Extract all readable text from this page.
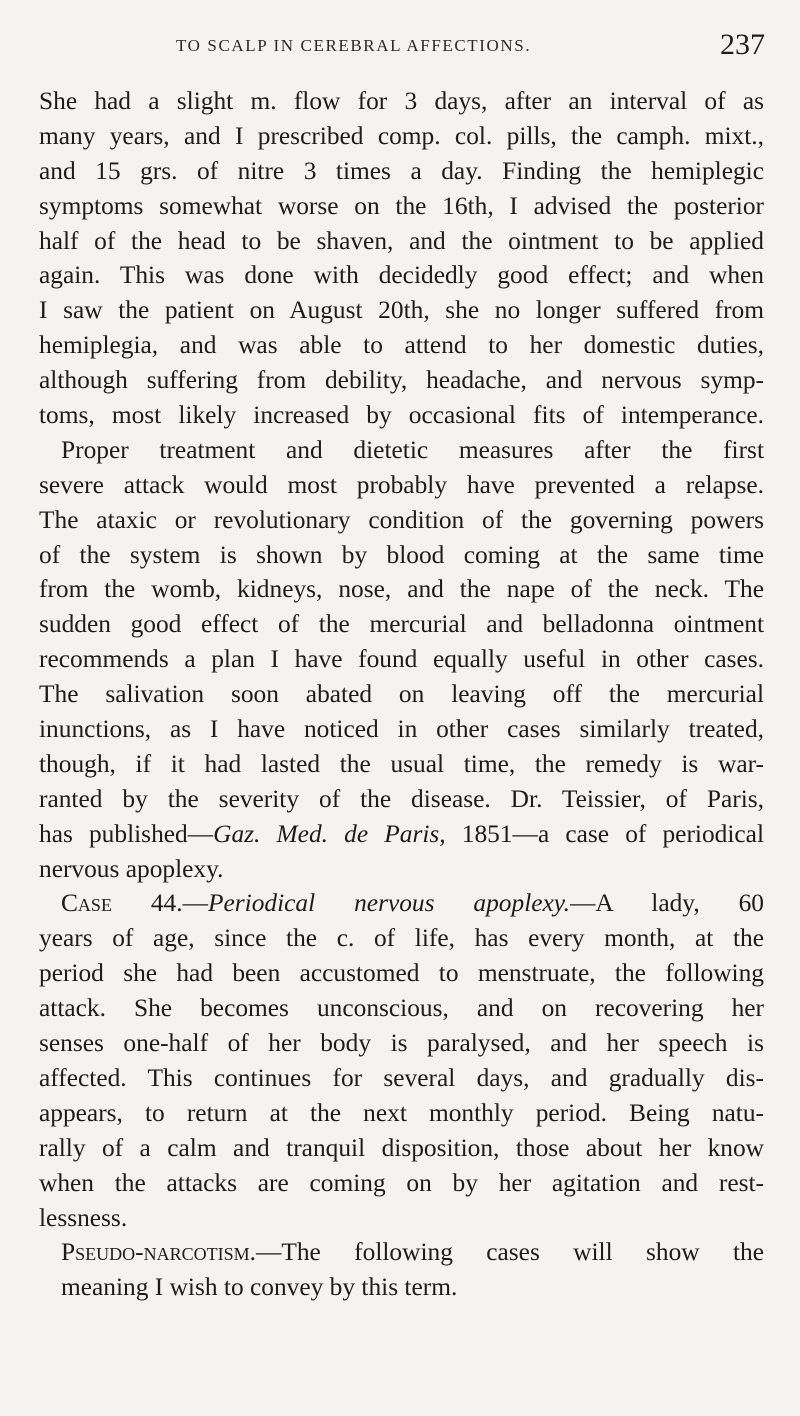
TO SCALP IN CEREBRAL AFFECTIONS.	237
She had a slight m. flow for 3 days, after an interval of as
many years, and I prescribed comp. col. pills, the camph. mixt.,
and 15 grs. of nitre 3 times a day. Finding the hemiplegic
symptoms somewhat worse on the 16th, I advised the posterior
half of the head to be shaven, and the ointment to be applied
again. This was done with decidedly good effect; and when
I saw the patient on August 20th, she no longer suffered from
hemiplegia, and was able to attend to her domestic duties,
although suffering from debility, headache, and nervous symp-
toms, most likely increased by occasional fits of intemperance.
Proper treatment and dietetic measures after the first
severe attack would most probably have prevented a relapse.
The ataxic or revolutionary condition of the governing powers
of the system is shown by blood coming at the same time
from the womb, kidneys, nose, and the nape of the neck. The
sudden good effect of the mercurial and belladonna ointment
recommends a plan I have found equally useful in other cases.
The salivation soon abated on leaving off the mercurial
inunctions, as I have noticed in other cases similarly treated,
though, if it had lasted the usual time, the remedy is war-
ranted by the severity of the disease. Dr. Teissier, of Paris,
has published—Gaz. Med. de Paris, 1851—a case of periodical
nervous apoplexy.
Case 44.—Periodical nervous apoplexy.—A lady, 60
years of age, since the c. of life, has every month, at the
period she had been accustomed to menstruate, the following
attack. She becomes unconscious, and on recovering her
senses one-half of her body is paralysed, and her speech is
affected. This continues for several days, and gradually dis-
appears, to return at the next monthly period. Being natu-
rally of a calm and tranquil disposition, those about her know
when the attacks are coming on by her agitation and rest-
lessness.
Pseudo-narcotism.—The following cases will show the
meaning I wish to convey by this term.
